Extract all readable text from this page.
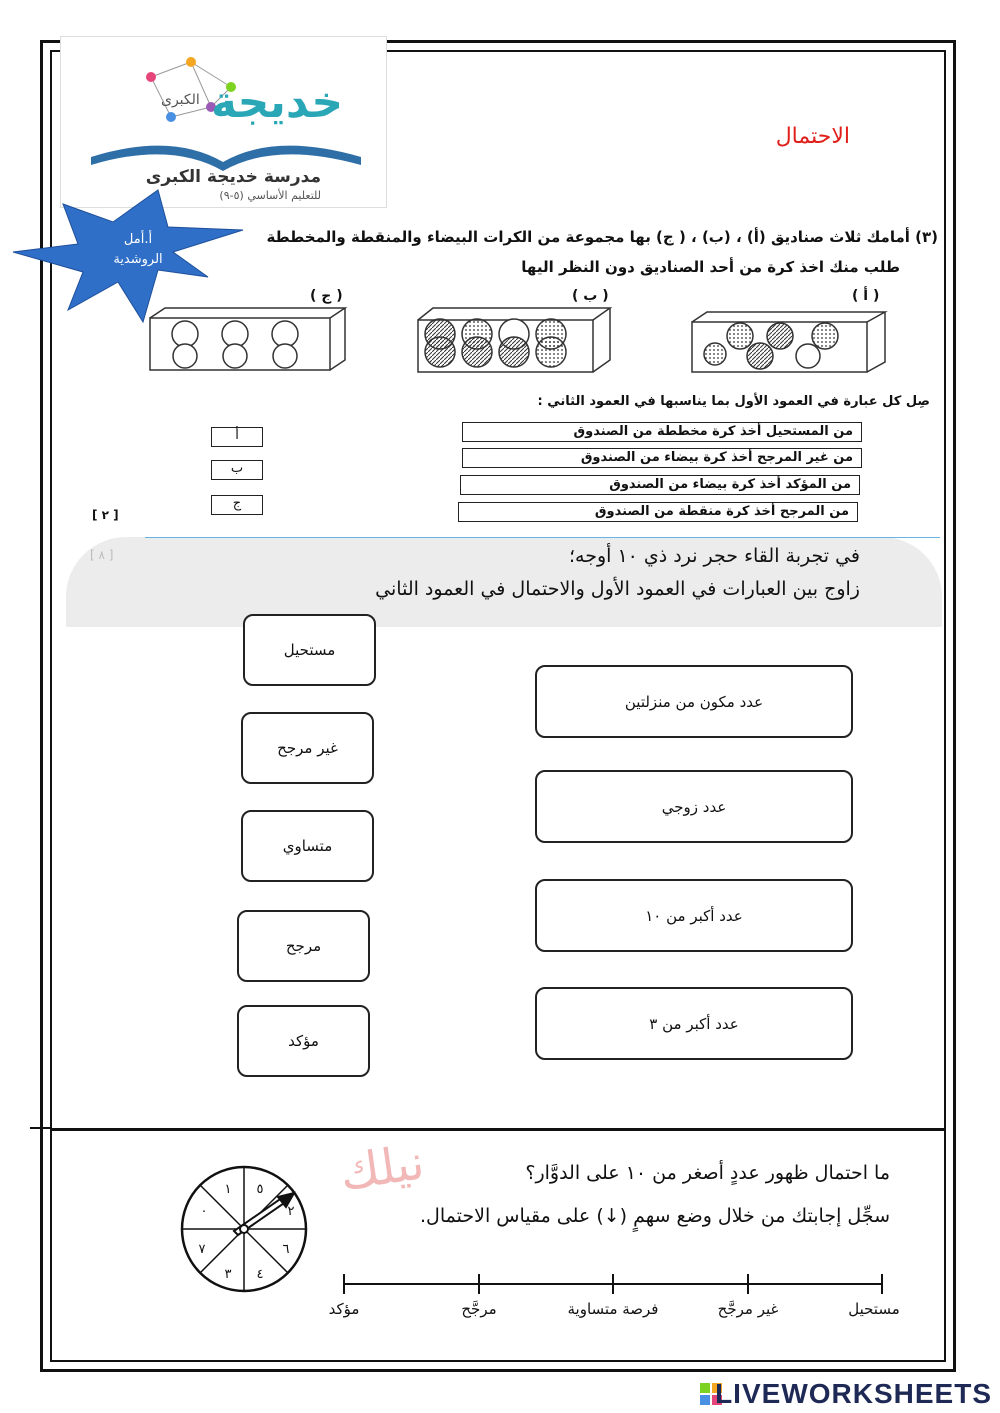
خديجة
الكبرى
مدرسة خديجة الكبرى
للتعليم الأساسي (٥-٩)
أ.أمل
الروشدية
الاحتمال
(٣) أمامك ثلاث صناديق (أ) ، (ب) ، ( ج) بها مجموعة من الكرات البيضاء والمنقطة والمخططة
طلب منك اخذ كرة من أحد الصناديق دون النظر اليها
( أ )
( ب )
( ج )
صِل كل عبارة في العمود الأول بما يناسبها في العمود الثاني :
من المستحيل أخذ كرة مخططة من الصندوق
من غير المرجح أخذ كرة بيضاء من الصندوق
من المؤكد أخذ كرة بيضاء من الصندوق
من المرجح أخذ كرة منقطة من الصندوق
أ
ب
ج
[ ٢ ]
[ ٨ ]	في تجربة القاء حجر نرد ذي ١٠ أوجه؛
زاوج بين العبارات في العمود الأول والاحتمال في العمود الثاني
مستحيل
غير مرجح
متساوي
مرجح
مؤكد
عدد مكون من منزلتين
عدد زوجي
عدد أكبر من ١٠
عدد أكبر من ٣
نيلك	ما احتمال ظهور عددٍ أصغر من ١٠ على الدوَّار؟
سجِّل إجابتك من خلال وضع سهمٍ (↓) على مقياس الاحتمال.
٥
٢
٦
٤
٣
٧
٠
١
مستحيل
غير مرجَّح
فرصة متساوية
مرجَّح
مؤكد
LIVEWORKSHEETS
